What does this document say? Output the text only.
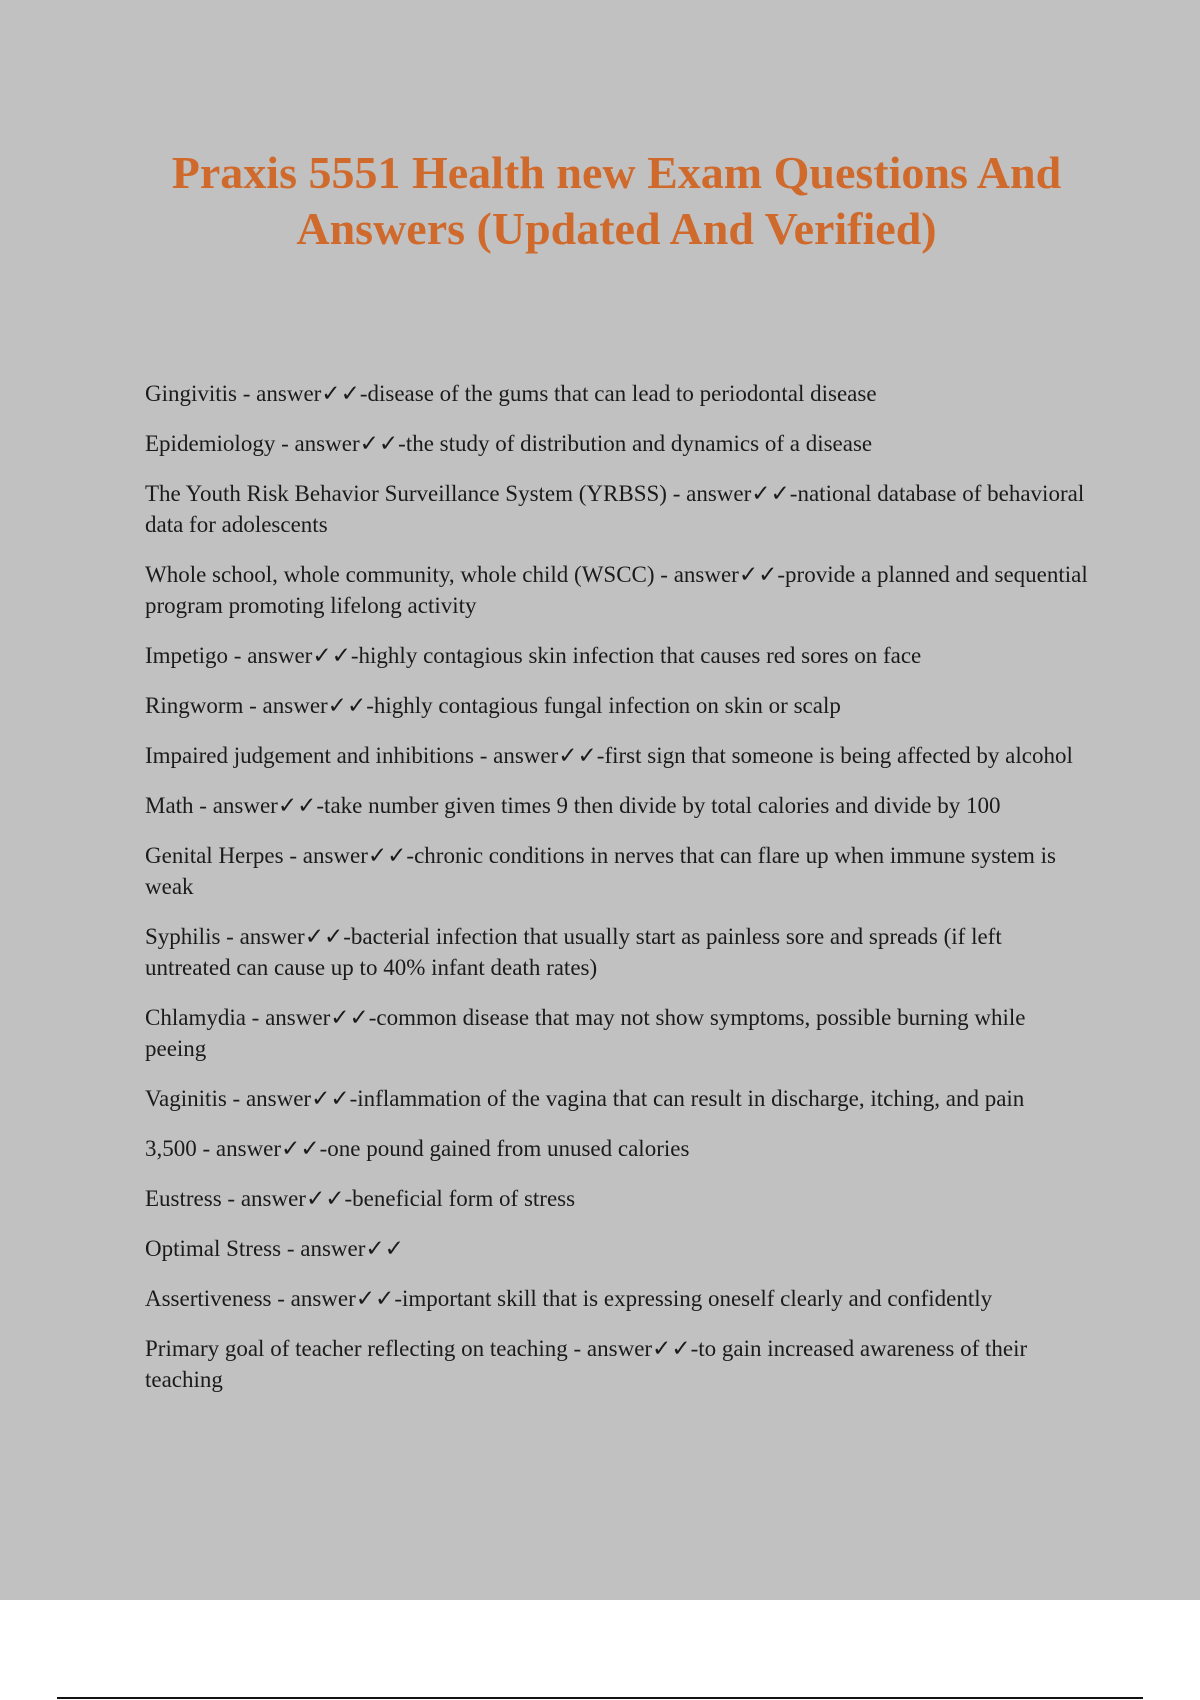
Praxis 5551 Health new Exam Questions And Answers (Updated And Verified)
Gingivitis - answer✓✓-disease of the gums that can lead to periodontal disease
Epidemiology - answer✓✓-the study of distribution and dynamics of a disease
The Youth Risk Behavior Surveillance System (YRBSS) - answer✓✓-national database of behavioral data for adolescents
Whole school, whole community, whole child (WSCC) - answer✓✓-provide a planned and sequential program promoting lifelong activity
Impetigo - answer✓✓-highly contagious skin infection that causes red sores on face
Ringworm - answer✓✓-highly contagious fungal infection on skin or scalp
Impaired judgement and inhibitions - answer✓✓-first sign that someone is being affected by alcohol
Math - answer✓✓-take number given times 9 then divide by total calories and divide by 100
Genital Herpes - answer✓✓-chronic conditions in nerves that can flare up when immune system is weak
Syphilis - answer✓✓-bacterial infection that usually start as painless sore and spreads (if left untreated can cause up to 40% infant death rates)
Chlamydia - answer✓✓-common disease that may not show symptoms, possible burning while peeing
Vaginitis - answer✓✓-inflammation of the vagina that can result in discharge, itching, and pain
3,500 - answer✓✓-one pound gained from unused calories
Eustress - answer✓✓-beneficial form of stress
Optimal Stress - answer✓✓
Assertiveness - answer✓✓-important skill that is expressing oneself clearly and confidently
Primary goal of teacher reflecting on teaching - answer✓✓-to gain increased awareness of their teaching
